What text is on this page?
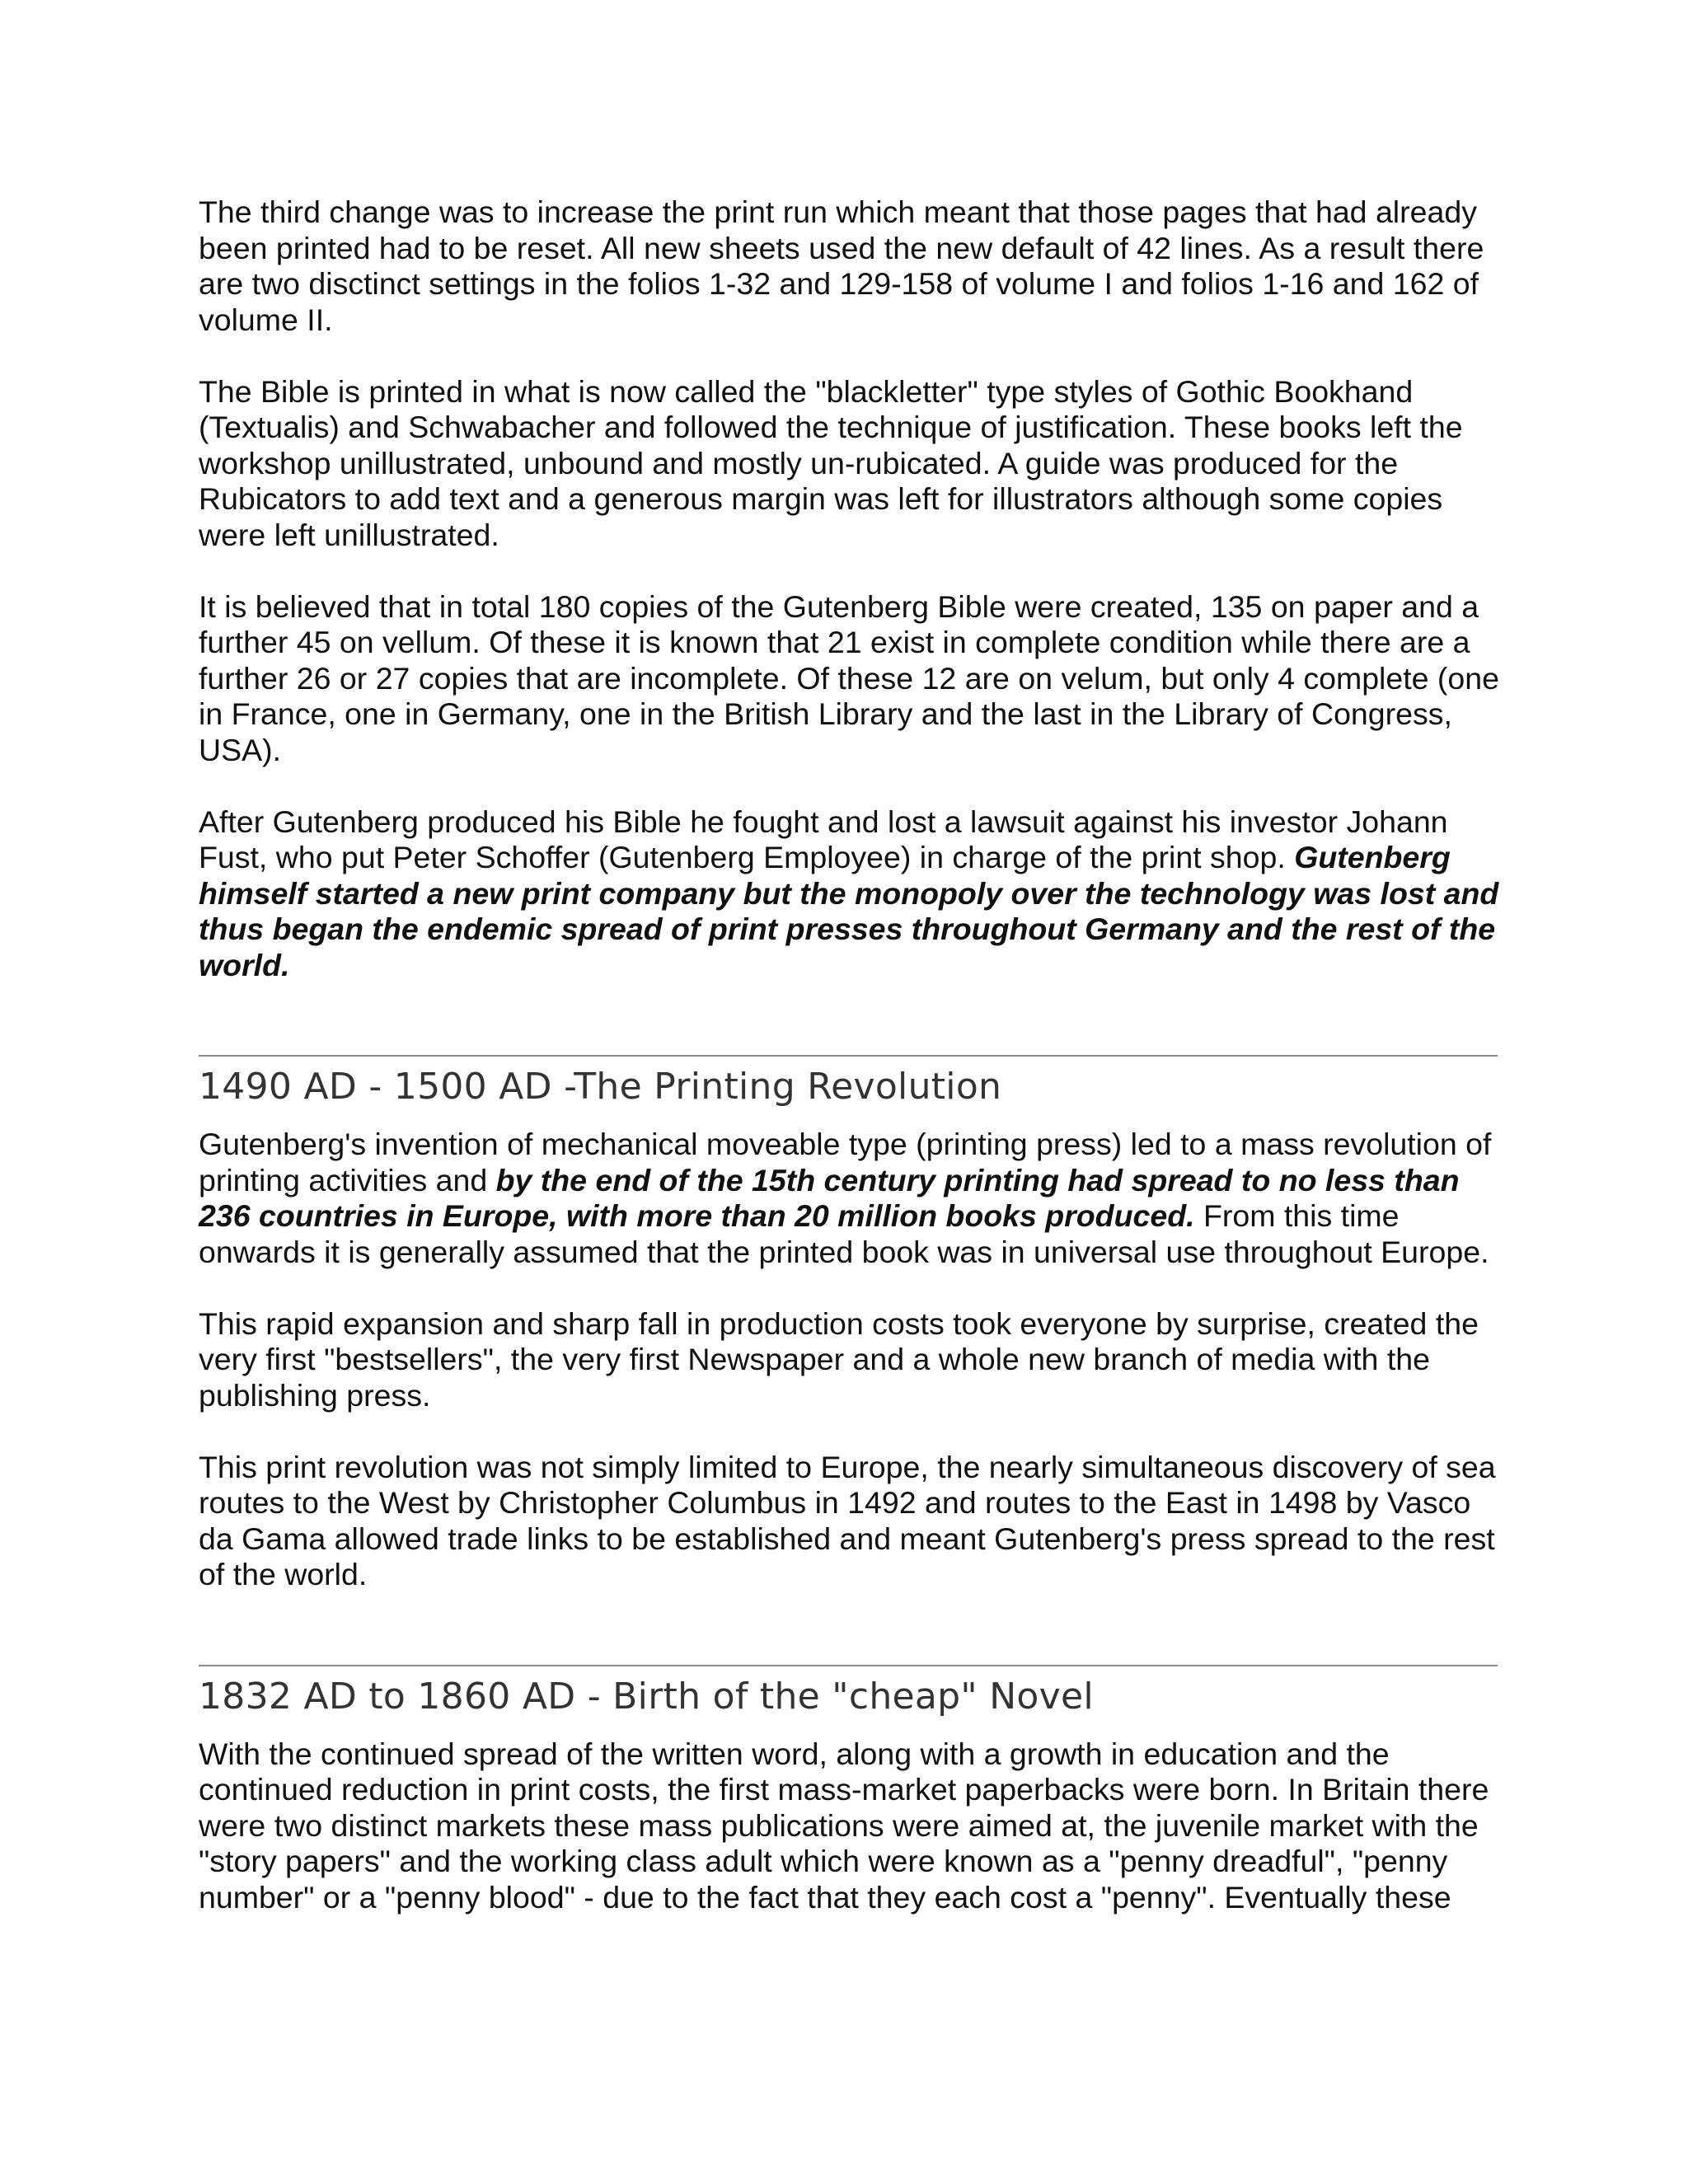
The third change was to increase the print run which meant that those pages that had already been printed had to be reset. All new sheets used the new default of 42 lines. As a result there are two disctinct settings in the folios 1-32 and 129-158 of volume I and folios 1-16 and 162 of volume II.

The Bible is printed in what is now called the "blackletter" type styles of Gothic Bookhand (Textualis) and Schwabacher and followed the technique of justification. These books left the workshop unillustrated, unbound and mostly un-rubicated. A guide was produced for the Rubicators to add text and a generous margin was left for illustrators although some copies were left unillustrated.

It is believed that in total 180 copies of the Gutenberg Bible were created, 135 on paper and a further 45 on vellum. Of these it is known that 21 exist in complete condition while there are a further 26 or 27 copies that are incomplete. Of these 12 are on velum, but only 4 complete (one in France, one in Germany, one in the British Library and the last in the Library of Congress, USA).

After Gutenberg produced his Bible he fought and lost a lawsuit against his investor Johann Fust, who put Peter Schoffer (Gutenberg Employee) in charge of the print shop. Gutenberg himself started a new print company but the monopoly over the technology was lost and thus began the endemic spread of print presses throughout Germany and the rest of the world.

1490 AD - 1500 AD -The Printing Revolution

Gutenberg's invention of mechanical moveable type (printing press) led to a mass revolution of printing activities and by the end of the 15th century printing had spread to no less than 236 countries in Europe, with more than 20 million books produced. From this time onwards it is generally assumed that the printed book was in universal use throughout Europe.

This rapid expansion and sharp fall in production costs took everyone by surprise, created the very first "bestsellers", the very first Newspaper and a whole new branch of media with the publishing press.

This print revolution was not simply limited to Europe, the nearly simultaneous discovery of sea routes to the West by Christopher Columbus in 1492 and routes to the East in 1498 by Vasco da Gama allowed trade links to be established and meant Gutenberg's press spread to the rest of the world.

1832 AD to 1860 AD - Birth of the "cheap" Novel

With the continued spread of the written word, along with a growth in education and the continued reduction in print costs, the first mass-market paperbacks were born. In Britain there were two distinct markets these mass publications were aimed at, the juvenile market with the "story papers" and the working class adult which were known as a "penny dreadful", "penny number" or a "penny blood" - due to the fact that they each cost a "penny". Eventually these
